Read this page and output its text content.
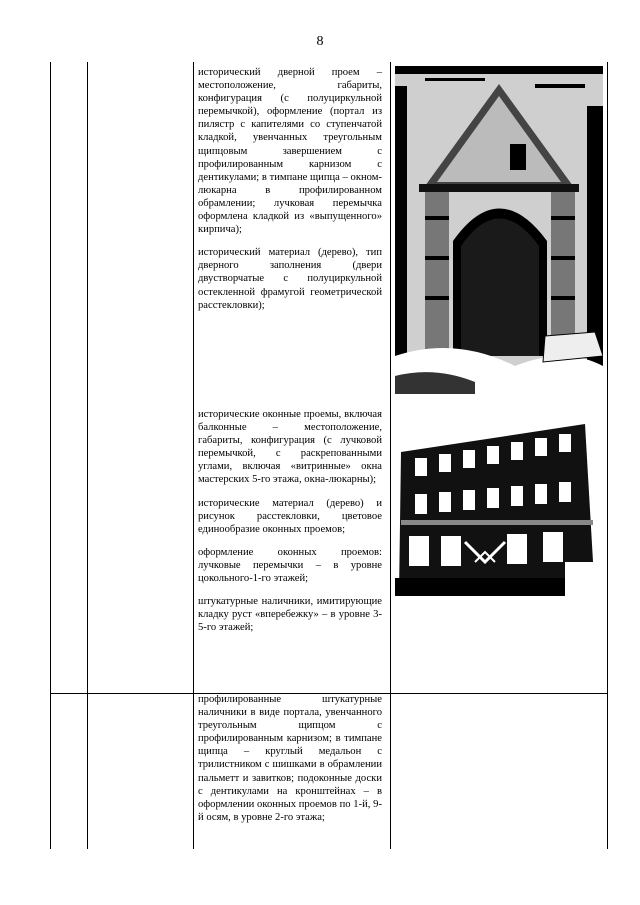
8

исторический дверной проем – местоположение, габариты, конфигурация (с полуциркульной перемычкой), оформление (портал из пилястр с капителями со ступенчатой кладкой, увенчанных треугольным щипцовым завершением с профилированным карнизом с дентикулами; в тимпане щипца – окном-люкарна в профилированном обрамлении; лучковая перемычка оформлена кладкой из «выпущенного» кирпича);

исторический материал (дерево), тип дверного заполнения (двери двустворчатые с полуциркульной остекленной фрамугой геометрической расстекловки);

исторические оконные проемы, включая балконные – местоположение, габариты, конфигурация (с лучковой перемычкой, с раскрепованными углами, включая «витринные» окна мастерских 5-го этажа, окна-люкарны);

исторические материал (дерево) и рисунок расстекловки, цветовое единообразие оконных проемов;

оформление оконных проемов: лучковые перемычки – в уровне цокольного-1-го этажей;

штукатурные наличники, имитирующие кладку руст «вперебежку» – в уровне 3-5-го этажей;

профилированные штукатурные наличники в виде портала, увенчанного треугольным щипцом с профилированным карнизом; в тимпане щипца – круглый медальон с трилистником с шишками в обрамлении пальметт и завитков; подоконные доски с дентикулами на кронштейнах – в оформлении оконных проемов по 1-й, 9-й осям, в уровне 2-го этажа;
